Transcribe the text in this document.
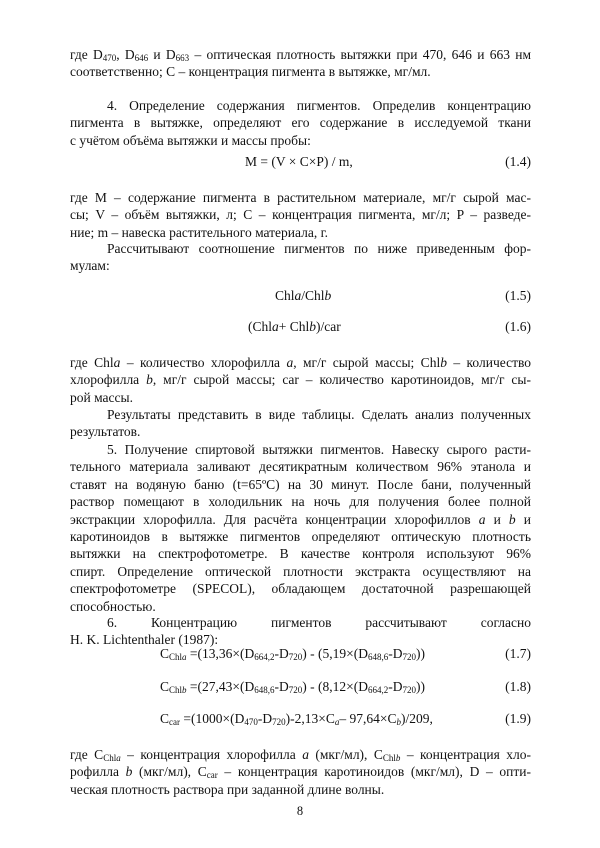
где $D_{470}$, $D_{646}$ и $D_{663}$ – оптическая плотность вытяжки при 470, 646 и 663 нм
соответственно; С – концентрация пигмента в вытяжке, мг/мл.
4. Определение содержания пигментов. Определив концентрацию
пигмента в вытяжке, определяют его содержание в исследуемой ткани
с учётом объёма вытяжки и массы пробы:
M = (V × C×P) / m,	(1.4)
где M – содержание пигмента в растительном материале, мг/г сырой мас-
сы; V – объём вытяжки, л; С – концентрация пигмента, мг/л; P – разведе-
ние; m – навеска растительного материала, г.
Рассчитывают соотношение пигментов по ниже приведенным фор-
мулам:
Chla/Chlb	(1.5)
(Chla+ Chlb)/car	(1.6)
где Chla – количество хлорофилла a, мг/г сырой массы; Chlb – количество
хлорофилла b, мг/г сырой массы; car – количество каротиноидов, мг/г сы-
рой массы.
Результаты представить в виде таблицы. Сделать анализ полученных
результатов.
5. Получение спиртовой вытяжки пигментов. Навеску сырого расти-
тельного материала заливают десятикратным количеством 96% этанола и
ставят на водяную баню (t=65ºC) на 30 минут. После бани, полученный
раствор помещают в холодильник на ночь для получения более полной
экстракции хлорофилла. Для расчёта концентрации хлорофиллов a и b и
каротиноидов в вытяжке пигментов определяют оптическую плотность
вытяжки на спектрофотометре. В качестве контроля используют 96%
спирт. Определение оптической плотности экстракта осуществляют на
спектрофотометре (SPECOL), обладающем достаточной разрешающей
способностью.
6. Концентрацию пигментов рассчитывают согласно
H. K. Lichtenthaler (1987):
$C_{Chla} =(13,36\times(D_{664,2}-D_{720}) - (5,19\times(D_{648,6}-D_{720}))$	(1.7)
$C_{Chlb} =(27,43\times(D_{648,6}-D_{720}) - (8,12\times(D_{664,2}-D_{720}))$	(1.8)
$C_{car} =(1000\times(D_{470}-D_{720})-2,13\times C_a-$ $97,64\times C_b)/209$,	(1.9)
где $C_{Chla}$ – концентрация хлорофилла a (мкг/мл), $C_{Chlb}$ – концентрация хло-
рофилла b (мкг/мл), $C_{car}$ – концентрация каротиноидов (мкг/мл), D – опти-
ческая плотность раствора при заданной длине волны.
8
